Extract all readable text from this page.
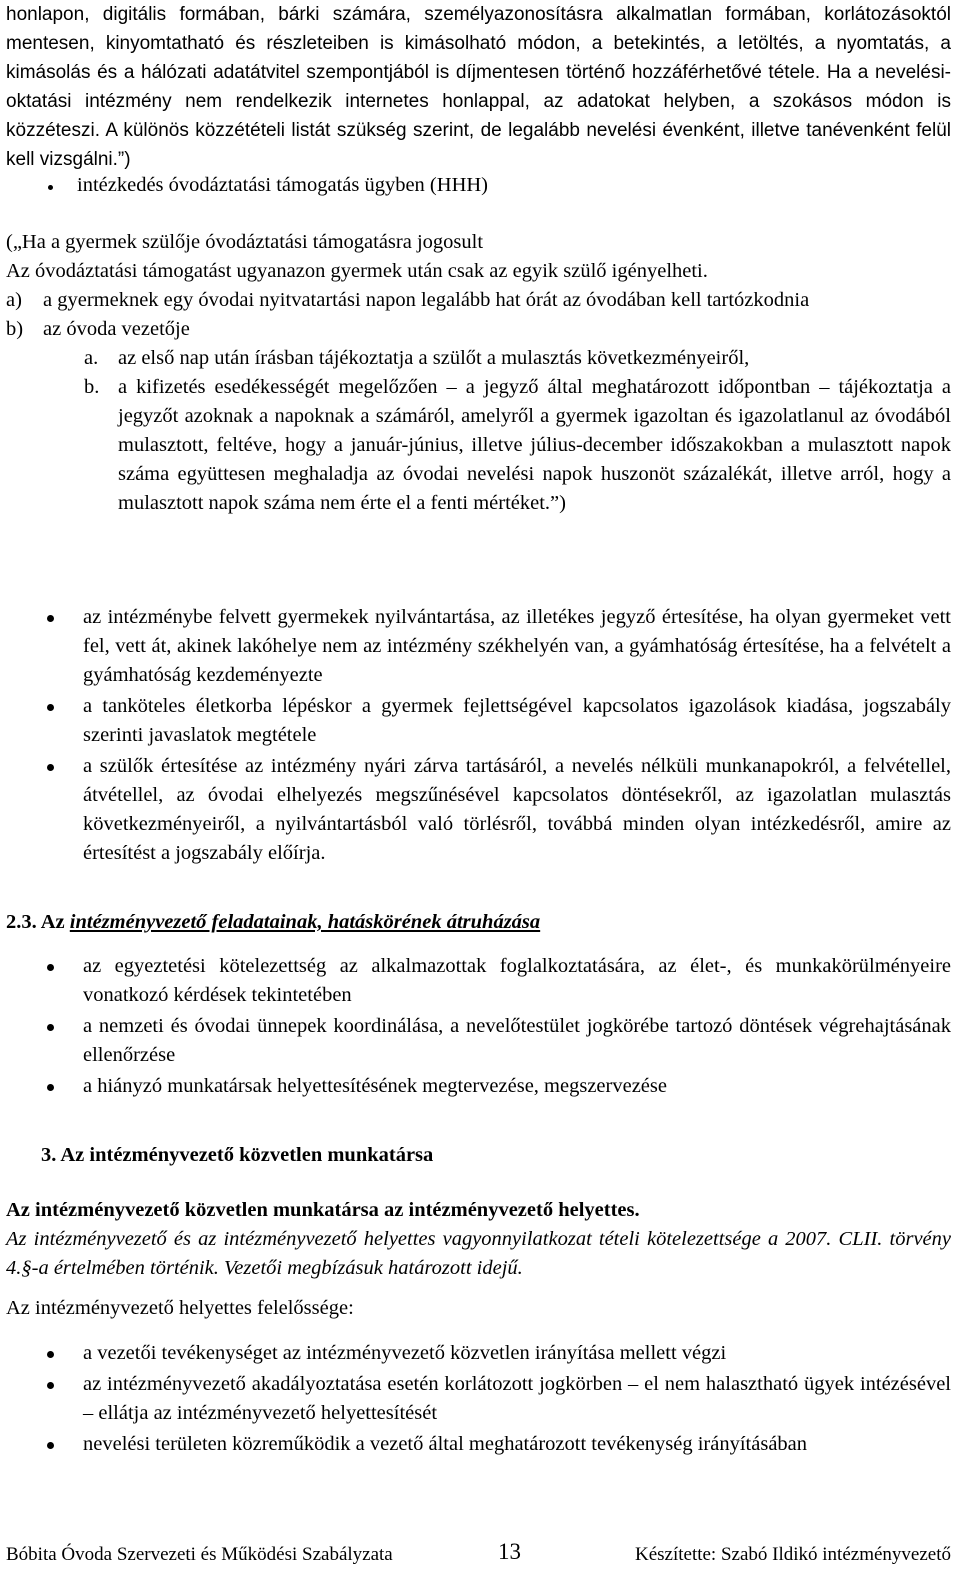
honlapon, digitális formában, bárki számára, személyazonosításra alkalmatlan formában, korlátozásoktól mentesen, kinyomtatható és részleteiben is kimásolható módon, a betekintés, a letöltés, a nyomtatás, a kimásolás és a hálózati adatátvitel szempontjából is díjmentesen történő hozzáférhetővé tétele. Ha a nevelési-oktatási intézmény nem rendelkezik internetes honlappal, az adatokat helyben, a szokásos módon is közzéteszi. A különös közzétételi listát szükség szerint, de legalább nevelési évenként, illetve tanévenként felül kell vizsgálni.”)

intézkedés óvodáztatási támogatás ügyben (HHH)

(„Ha a gyermek szülője óvodáztatási támogatásra jogosult

Az óvodáztatási támogatást ugyanazon gyermek után csak az egyik szülő igényelheti.

a) a gyermeknek egy óvodai nyitvatartási napon legalább hat órát az óvodában kell tartózkodnia
b) az óvoda vezetője
a. az első nap után írásban tájékoztatja a szülőt a mulasztás következményeiről,
b. a kifizetés esedékességét megelőzően – a jegyző által meghatározott időpontban – tájékoztatja a jegyzőt azoknak a napoknak a számáról, amelyről a gyermek igazoltan és igazolatlanul az óvodából mulasztott, feltéve, hogy a január-június, illetve július-december időszakokban a mulasztott napok száma együttesen meghaladja az óvodai nevelési napok huszonöt százalékát, illetve arról, hogy a mulasztott napok száma nem érte el a fenti mértéket.”)
az intézménybe felvett gyermekek nyilvántartása, az illetékes jegyző értesítése, ha olyan gyermeket vett fel, vett át, akinek lakóhelye nem az intézmény székhelyén van, a gyámhatóság értesítése, ha a felvételt a gyámhatóság kezdeményezte
a tanköteles életkorba lépéskor a gyermek fejlettségével kapcsolatos igazolások kiadása, jogszabály szerinti javaslatok megtétele
a szülők értesítése az intézmény nyári zárva tartásáról, a nevelés nélküli munkanapokról, a felvétellel, átvétellel, az óvodai elhelyezés megszűnésével kapcsolatos döntésekről, az igazolatlan mulasztás következményeiről, a nyilvántartásból való törlésről, továbbá minden olyan intézkedésről, amire az értesítést a jogszabály előírja.
2.3. Az intézményvezető feladatainak, hatáskörének átruházása
az egyeztetési kötelezettség az alkalmazottak foglalkoztatására, az élet-, és munkakörülményeire vonatkozó kérdések tekintetében
a nemzeti és óvodai ünnepek koordinálása, a nevelőtestület jogkörébe tartozó döntések végrehajtásának ellenőrzése
a hiányzó munkatársak helyettesítésének megtervezése, megszervezése
3. Az intézményvezető közvetlen munkatársa

Az intézményvezető közvetlen munkatársa az intézményvezető helyettes.

Az intézményvezető és az intézményvezető helyettes vagyonnyilatkozat tételi kötelezettsége a 2007. CLII. törvény 4.§-a értelmében történik. Vezetői megbízásuk határozott idejű.

Az intézményvezető helyettes felelőssége:

a vezetői tevékenységet az intézményvezető közvetlen irányítása mellett végzi
az intézményvezető akadályoztatása esetén korlátozott jogkörben – el nem halasztható ügyek intézésével – ellátja az intézményvezető helyettesítését
nevelési területen közreműködik a vezető által meghatározott tevékenység irányításában
Bóbita Óvoda Szervezeti és Működési Szabályzata	13	Készítette: Szabó Ildikó intézményvezető
